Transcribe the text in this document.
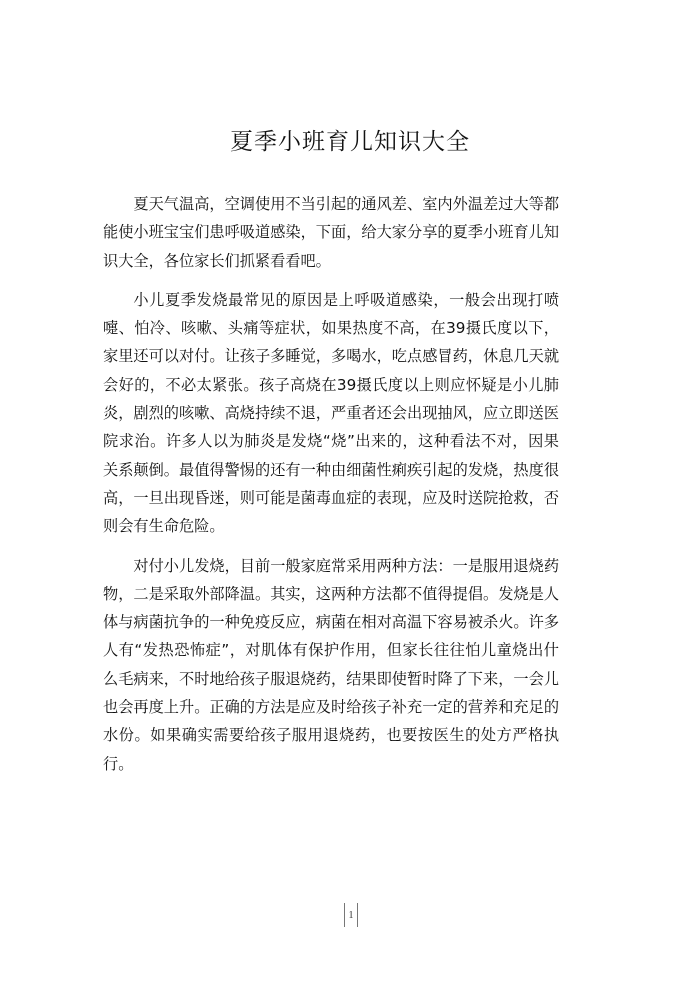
夏季小班育儿知识大全

夏天气温高，空调使用不当引起的通风差、室内外温差过大等都能使小班宝宝们患呼吸道感染，下面，给大家分享的夏季小班育儿知识大全，各位家长们抓紧看看吧。

小儿夏季发烧最常见的原因是上呼吸道感染，一般会出现打喷嚏、怕冷、咳嗽、头痛等症状，如果热度不高，在39摄氏度以下，家里还可以对付。让孩子多睡觉，多喝水，吃点感冒药，休息几天就会好的，不必太紧张。孩子高烧在39摄氏度以上则应怀疑是小儿肺炎，剧烈的咳嗽、高烧持续不退，严重者还会出现抽风，应立即送医院求治。许多人以为肺炎是发烧“烧”出来的，这种看法不对，因果关系颠倒。最值得警惕的还有一种由细菌性痢疾引起的发烧，热度很高，一旦出现昏迷，则可能是菌毒血症的表现，应及时送院抢救，否则会有生命危险。

对付小儿发烧，目前一般家庭常采用两种方法：一是服用退烧药物，二是采取外部降温。其实，这两种方法都不值得提倡。发烧是人体与病菌抗争的一种免疫反应，病菌在相对高温下容易被杀火。许多人有“发热恐怖症”，对肌体有保护作用，但家长往往怕儿童烧出什么毛病来，不时地给孩子服退烧药，结果即使暂时降了下来，一会儿也会再度上升。正确的方法是应及时给孩子补充一定的营养和充足的水份。如果确实需要给孩子服用退烧药，也要按医生的处方严格执行。

1
